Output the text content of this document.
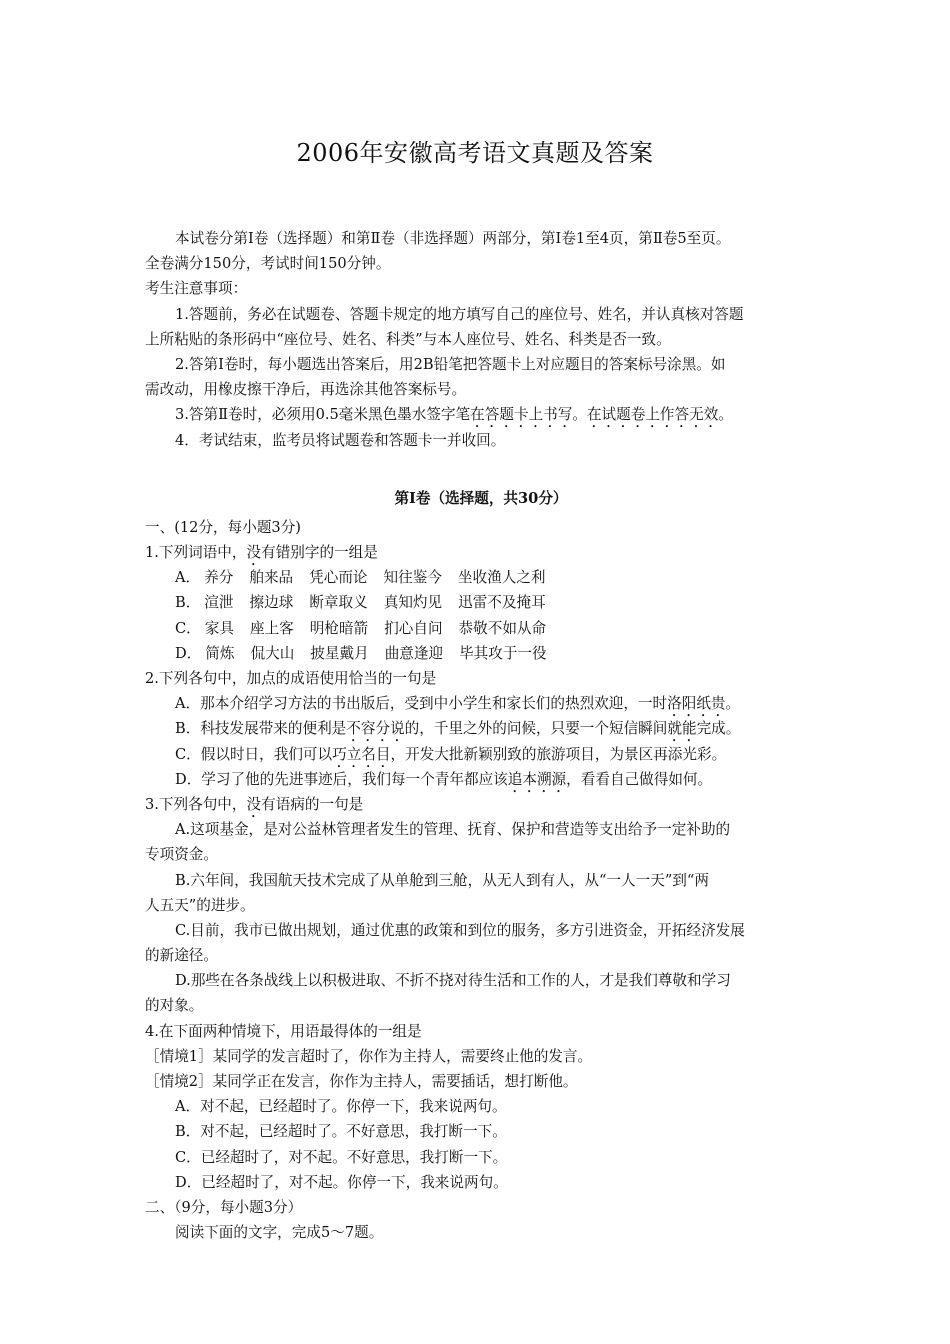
2006年安徽高考语文真题及答案
本试卷分第Ⅰ卷（选择题）和第Ⅱ卷（非选择题）两部分，第Ⅰ卷1至4页，第Ⅱ卷5至页。
全卷满分150分，考试时间150分钟。
考生注意事项：
1.答题前，务必在试题卷、答题卡规定的地方填写自己的座位号、姓名，并认真核对答题
上所粘贴的条形码中“座位号、姓名、科类”与本人座位号、姓名、科类是否一致。
2.答第Ⅰ卷时，每小题选出答案后，用2B铅笔把答题卡上对应题目的答案标号涂黑。如
需改动，用橡皮擦干净后，再选涂其他答案标号。
3.答第Ⅱ卷时，必须用0.5毫米黑色墨水签字笔在答题卡上书写。在试题卷上作答无效。
4．考试结束，监考员将试题卷和答题卡一并收回。
第Ⅰ卷（选择题，共30分）
一、(12分，每小题3分)
1.下列词语中，没有错别字的一组是
A． 养分 舶来品 凭心而论 知往鉴今 坐收渔人之利
B． 渲泄 擦边球 断章取义 真知灼见 迅雷不及掩耳
C． 家具 座上客 明枪暗箭 扪心自问 恭敬不如从命
D． 简炼 侃大山 披星戴月 曲意逢迎 毕其攻于一役
2.下列各句中，加点的成语使用恰当的一句是
A．那本介绍学习方法的书出版后，受到中小学生和家长们的热烈欢迎，一时洛阳纸贵。
B．科技发展带来的便利是不容分说的，千里之外的问候，只要一个短信瞬间就能完成。
C．假以时日，我们可以巧立名目，开发大批新颖别致的旅游项目，为景区再添光彩。
D．学习了他的先进事迹后，我们每一个青年都应该追本溯源，看看自己做得如何。
3.下列各句中，没有语病的一句是
A.这项基金，是对公益林管理者发生的管理、抚育、保护和营造等支出给予一定补助的
专项资金。
B.六年间，我国航天技术完成了从单舱到三舱，从无人到有人，从“一人一天”到“两
人五天”的进步。
C.目前，我市已做出规划，通过优惠的政策和到位的服务，多方引进资金，开拓经济发展
的新途径。
D.那些在各条战线上以积极进取、不折不挠对待生活和工作的人，才是我们尊敬和学习
的对象。
4.在下面两种情境下，用语最得体的一组是
［情境1］某同学的发言超时了，你作为主持人，需要终止他的发言。
［情境2］某同学正在发言，你作为主持人，需要插话，想打断他。
A．对不起，已经超时了。你停一下，我来说两句。
B．对不起，已经超时了。不好意思，我打断一下。
C．已经超时了，对不起。不好意思，我打断一下。
D．已经超时了，对不起。你停一下，我来说两句。
二、（9分，每小题3分）
阅读下面的文字，完成5～7题。
